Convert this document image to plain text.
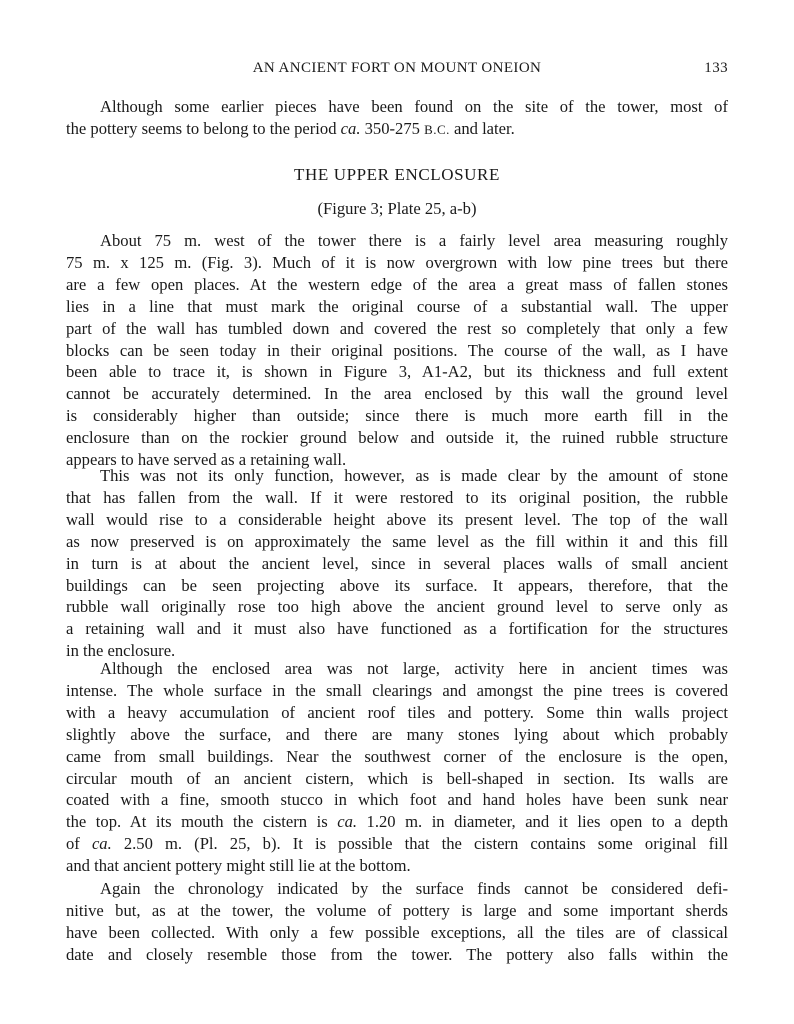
AN ANCIENT FORT ON MOUNT ONEION	133
Although some earlier pieces have been found on the site of the tower, most of
the pottery seems to belong to the period ca. 350-275 B.C. and later.
THE UPPER ENCLOSURE
(Figure 3; Plate 25, a-b)
About 75 m. west of the tower there is a fairly level area measuring roughly
75 m. x 125 m. (Fig. 3). Much of it is now overgrown with low pine trees but there
are a few open places. At the western edge of the area a great mass of fallen stones
lies in a line that must mark the original course of a substantial wall. The upper
part of the wall has tumbled down and covered the rest so completely that only a few
blocks can be seen today in their original positions. The course of the wall, as I have
been able to trace it, is shown in Figure 3, A1-A2, but its thickness and full extent
cannot be accurately determined. In the area enclosed by this wall the ground level
is considerably higher than outside; since there is much more earth fill in the
enclosure than on the rockier ground below and outside it, the ruined rubble structure
appears to have served as a retaining wall.
This was not its only function, however, as is made clear by the amount of stone
that has fallen from the wall. If it were restored to its original position, the rubble
wall would rise to a considerable height above its present level. The top of the wall
as now preserved is on approximately the same level as the fill within it and this fill
in turn is at about the ancient level, since in several places walls of small ancient
buildings can be seen projecting above its surface. It appears, therefore, that the
rubble wall originally rose too high above the ancient ground level to serve only as
a retaining wall and it must also have functioned as a fortification for the structures
in the enclosure.
Although the enclosed area was not large, activity here in ancient times was
intense. The whole surface in the small clearings and amongst the pine trees is covered
with a heavy accumulation of ancient roof tiles and pottery. Some thin walls project
slightly above the surface, and there are many stones lying about which probably
came from small buildings. Near the southwest corner of the enclosure is the open,
circular mouth of an ancient cistern, which is bell-shaped in section. Its walls are
coated with a fine, smooth stucco in which foot and hand holes have been sunk near
the top. At its mouth the cistern is ca. 1.20 m. in diameter, and it lies open to a depth
of ca. 2.50 m. (Pl. 25, b). It is possible that the cistern contains some original fill
and that ancient pottery might still lie at the bottom.
Again the chronology indicated by the surface finds cannot be considered defi-
nitive but, as at the tower, the volume of pottery is large and some important sherds
have been collected. With only a few possible exceptions, all the tiles are of classical
date and closely resemble those from the tower. The pottery also falls within the
